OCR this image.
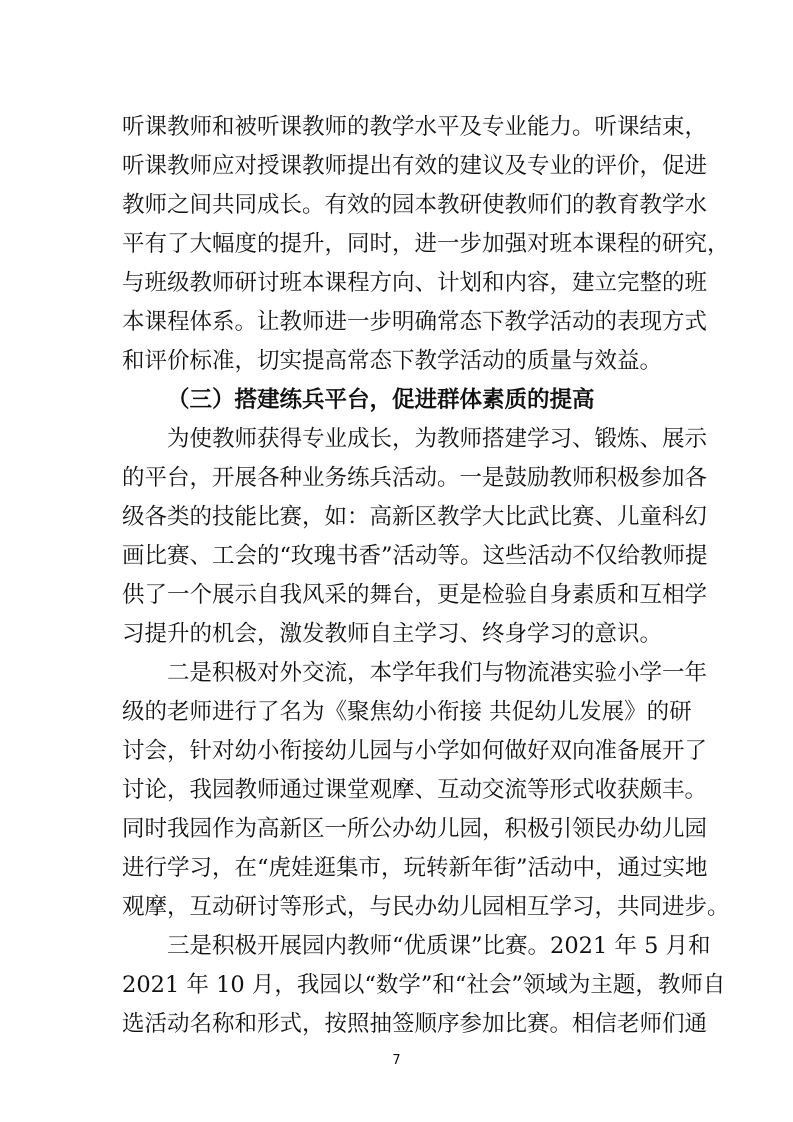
听课教师和被听课教师的教学水平及专业能力。听课结束，
听课教师应对授课教师提出有效的建议及专业的评价，促进
教师之间共同成长。有效的园本教研使教师们的教育教学水
平有了大幅度的提升，同时，进一步加强对班本课程的研究，
与班级教师研讨班本课程方向、计划和内容，建立完整的班
本课程体系。让教师进一步明确常态下教学活动的表现方式
和评价标准，切实提高常态下教学活动的质量与效益。
（三）搭建练兵平台，促进群体素质的提高
为使教师获得专业成长，为教师搭建学习、锻炼、展示
的平台，开展各种业务练兵活动。一是鼓励教师积极参加各
级各类的技能比赛，如：高新区教学大比武比赛、儿童科幻
画比赛、工会的“玫瑰书香”活动等。这些活动不仅给教师提
供了一个展示自我风采的舞台，更是检验自身素质和互相学
习提升的机会，激发教师自主学习、终身学习的意识。
二是积极对外交流，本学年我们与物流港实验小学一年
级的老师进行了名为《聚焦幼小衔接 共促幼儿发展》的研
讨会，针对幼小衔接幼儿园与小学如何做好双向准备展开了
讨论，我园教师通过课堂观摩、互动交流等形式收获颇丰。
同时我园作为高新区一所公办幼儿园，积极引领民办幼儿园
进行学习，在“虎娃逛集市，玩转新年街”活动中，通过实地
观摩，互动研讨等形式，与民办幼儿园相互学习，共同进步。
三是积极开展园内教师“优质课”比赛。2021 年 5 月和
2021 年 10 月，我园以“数学”和“社会”领域为主题，教师自
选活动名称和形式，按照抽签顺序参加比赛。相信老师们通
7
